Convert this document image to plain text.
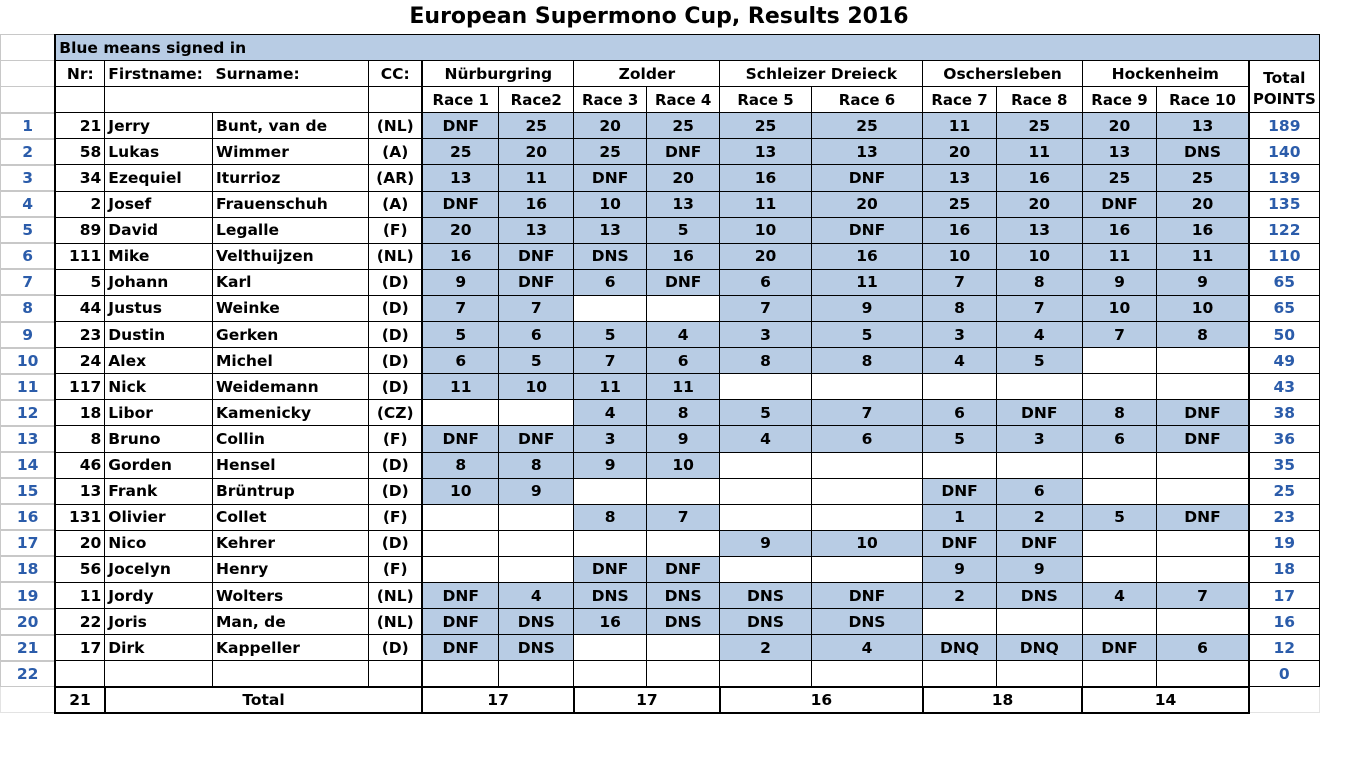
European Supermono Cup, Results 2016
	Blue means signed in															
	Nr:	Firstname:	Surname:	CC:	Nürburgring		Zolder		Schleizer Dreieck		Oschersleben		Hockenheim		Total	
					Race 1	Race2	Race 3	Race 4	Race 5	Race 6	Race 7	Race 8	Race 9	Race 10	POINTS	
1	21	Jerry	Bunt, van de	(NL)	DNF	25	20	25	25	25	11	25	20	13	189	
2	58	Lukas	Wimmer	(A)	25	20	25	DNF	13	13	20	11	13	DNS	140	
3	34	Ezequiel	Iturrioz	(AR)	13	11	DNF	20	16	DNF	13	16	25	25	139	
4	2	Josef	Frauenschuh	(A)	DNF	16	10	13	11	20	25	20	DNF	20	135	
5	89	David	Legalle	(F)	20	13	13	5	10	DNF	16	13	16	16	122	
6	111	Mike	Velthuijzen	(NL)	16	DNF	DNS	16	20	16	10	10	11	11	110	
7	5	Johann	Karl	(D)	9	DNF	6	DNF	6	11	7	8	9	9	65	
8	44	Justus	Weinke	(D)	7	7			7	9	8	7	10	10	65	
9	23	Dustin	Gerken	(D)	5	6	5	4	3	5	3	4	7	8	50	
10	24	Alex	Michel	(D)	6	5	7	6	8	8	4	5			49	
11	117	Nick	Weidemann	(D)	11	10	11	11							43	
12	18	Libor	Kamenicky	(CZ)			4	8	5	7	6	DNF	8	DNF	38	
13	8	Bruno	Collin	(F)	DNF	DNF	3	9	4	6	5	3	6	DNF	36	
14	46	Gorden	Hensel	(D)	8	8	9	10							35	
15	13	Frank	Brüntrup	(D)	10	9					DNF	6			25	
16	131	Olivier	Collet	(F)			8	7			1	2	5	DNF	23	
17	20	Nico	Kehrer	(D)					9	10	DNF	DNF			19	
18	56	Jocelyn	Henry	(F)			DNF	DNF			9	9			18	
19	11	Jordy	Wolters	(NL)	DNF	4	DNS	DNS	DNS	DNF	2	DNS	4	7	17	
20	22	Joris	Man, de	(NL)	DNF	DNS	16	DNS	DNS	DNS					16	
21	17	Dirk	Kappeller	(D)	DNF	DNS			2	4	DNQ	DNQ	DNF	6	12	
22															0	
	21	Total			17		17		16		18		14			
